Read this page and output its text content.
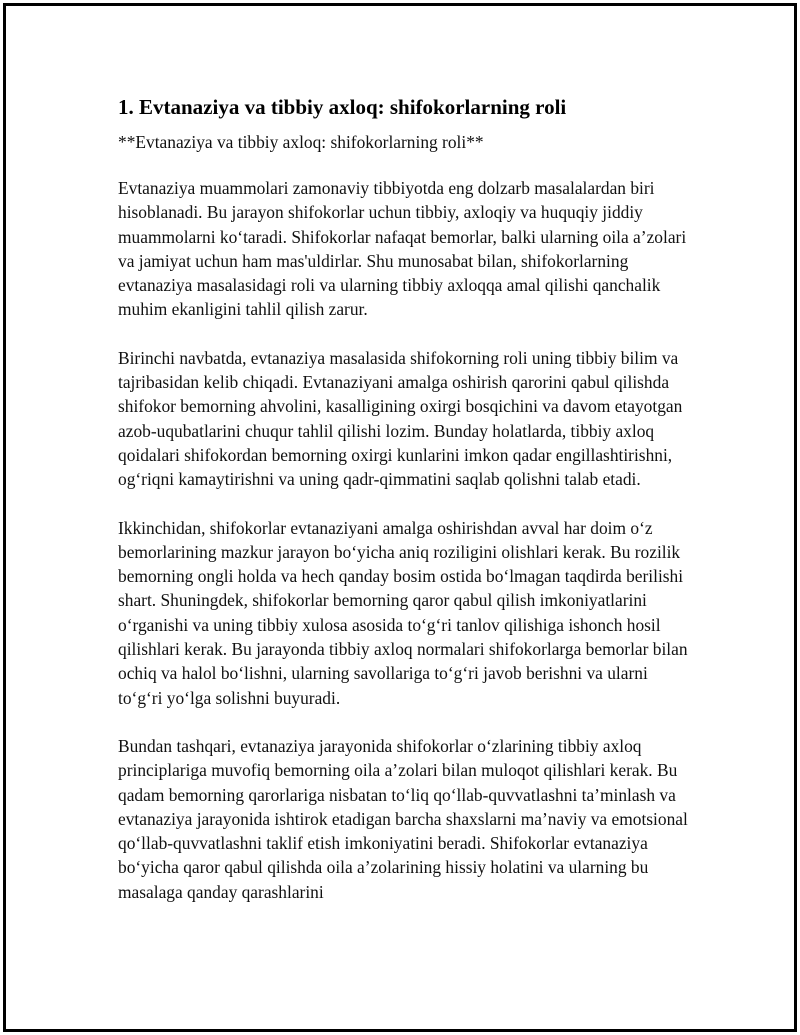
1. Evtanaziya va tibbiy axloq: shifokorlarning roli

**Evtanaziya va tibbiy axloq: shifokorlarning roli**

Evtanaziya muammolari zamonaviy tibbiyotda eng dolzarb masalalardan biri hisoblanadi. Bu jarayon shifokorlar uchun tibbiy, axloqiy va huquqiy jiddiy muammolarni ko‘taradi. Shifokorlar nafaqat bemorlar, balki ularning oila a’zolari va jamiyat uchun ham mas'uldirlar. Shu munosabat bilan, shifokorlarning evtanaziya masalasidagi roli va ularning tibbiy axloqqa amal qilishi qanchalik muhim ekanligini tahlil qilish zarur.

Birinchi navbatda, evtanaziya masalasida shifokorning roli uning tibbiy bilim va tajribasidan kelib chiqadi. Evtanaziyani amalga oshirish qarorini qabul qilishda shifokor bemorning ahvolini, kasalligining oxirgi bosqichini va davom etayotgan azob-uqubatlarini chuqur tahlil qilishi lozim. Bunday holatlarda, tibbiy axloq qoidalari shifokordan bemorning oxirgi kunlarini imkon qadar engillashtirishni, og‘riqni kamaytirishni va uning qadr-qimmatini saqlab qolishni talab etadi.

Ikkinchidan, shifokorlar evtanaziyani amalga oshirishdan avval har doim o‘z bemorlarining mazkur jarayon bo‘yicha aniq roziligini olishlari kerak. Bu rozilik bemorning ongli holda va hech qanday bosim ostida bo‘lmagan taqdirda berilishi shart. Shuningdek, shifokorlar bemorning qaror qabul qilish imkoniyatlarini o‘rganishi va uning tibbiy xulosa asosida to‘g‘ri tanlov qilishiga ishonch hosil qilishlari kerak. Bu jarayonda tibbiy axloq normalari shifokorlarga bemorlar bilan ochiq va halol bo‘lishni, ularning savollariga to‘g‘ri javob berishni va ularni to‘g‘ri yo‘lga solishni buyuradi.

Bundan tashqari, evtanaziya jarayonida shifokorlar o‘zlarining tibbiy axloq principlariga muvofiq bemorning oila a’zolari bilan muloqot qilishlari kerak. Bu qadam bemorning qarorlariga nisbatan to‘liq qo‘llab-quvvatlashni ta’minlash va evtanaziya jarayonida ishtirok etadigan barcha shaxslarni ma’naviy va emotsional qo‘llab-quvvatlashni taklif etish imkoniyatini beradi. Shifokorlar evtanaziya bo‘yicha qaror qabul qilishda oila a’zolarining hissiy holatini va ularning bu masalaga qanday qarashlarini
